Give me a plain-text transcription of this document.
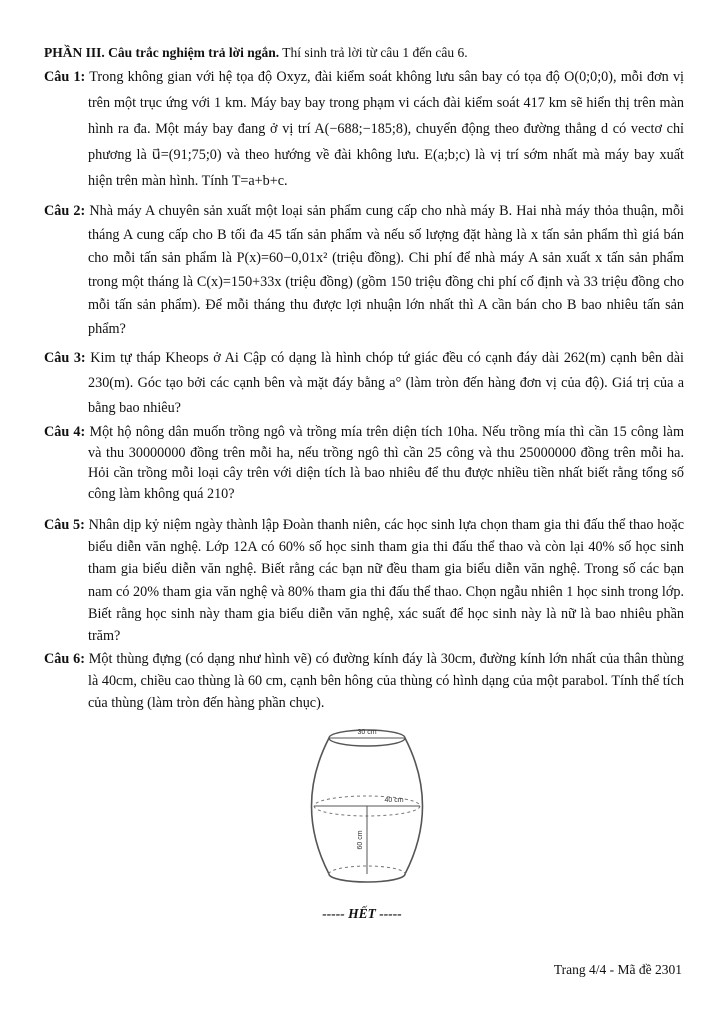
PHẦN III. Câu trắc nghiệm trả lời ngắn. Thí sinh trả lời từ câu 1 đến câu 6.
Câu 1: Trong không gian với hệ tọa độ Oxyz, đài kiểm soát không lưu sân bay có tọa độ O(0;0;0), mỗi đơn vị trên một trục ứng với 1 km. Máy bay bay trong phạm vi cách đài kiểm soát 417 km sẽ hiển thị trên màn hình ra đa. Một máy bay đang ở vị trí A(−688;−185;8), chuyển động theo đường thẳng d có vectơ chỉ phương là u⃗=(91;75;0) và theo hướng về đài không lưu. E(a;b;c) là vị trí sớm nhất mà máy bay xuất hiện trên màn hình. Tính T=a+b+c.
Câu 2: Nhà máy A chuyên sản xuất một loại sản phẩm cung cấp cho nhà máy B. Hai nhà máy thỏa thuận, mỗi tháng A cung cấp cho B tối đa 45 tấn sản phẩm và nếu số lượng đặt hàng là x tấn sản phẩm thì giá bán cho mỗi tấn sản phẩm là P(x)=60−0,01x² (triệu đồng). Chi phí để nhà máy A sản xuất x tấn sản phẩm trong một tháng là C(x)=150+33x (triệu đồng) (gồm 150 triệu đồng chi phí cố định và 33 triệu đồng cho mỗi tấn sản phẩm). Để mỗi tháng thu được lợi nhuận lớn nhất thì A cần bán cho B bao nhiêu tấn sản phẩm?
Câu 3: Kim tự tháp Kheops ở Ai Cập có dạng là hình chóp tứ giác đều có cạnh đáy dài 262(m) cạnh bên dài 230(m). Góc tạo bởi các cạnh bên và mặt đáy bằng a° (làm tròn đến hàng đơn vị của độ). Giá trị của a bằng bao nhiêu?
Câu 4: Một hộ nông dân muốn trồng ngô và trồng mía trên diện tích 10ha. Nếu trồng mía thì cần 15 công làm và thu 30000000 đồng trên mỗi ha, nếu trồng ngô thì cần 25 công và thu 25000000 đồng trên mỗi ha. Hỏi cần trồng mỗi loại cây trên với diện tích là bao nhiêu để thu được nhiều tiền nhất biết rằng tổng số công làm không quá 210?
Câu 5: Nhân dịp kỷ niệm ngày thành lập Đoàn thanh niên, các học sinh lựa chọn tham gia thi đấu thể thao hoặc biểu diễn văn nghệ. Lớp 12A có 60% số học sinh tham gia thi đấu thể thao và còn lại 40% số học sinh tham gia biểu diễn văn nghệ. Biết rằng các bạn nữ đều tham gia biểu diễn văn nghệ. Trong số các bạn nam có 20% tham gia văn nghệ và 80% tham gia thi đấu thể thao. Chọn ngẫu nhiên 1 học sinh trong lớp. Biết rằng học sinh này tham gia biểu diễn văn nghệ, xác suất để học sinh này là nữ là bao nhiêu phần trăm?
Câu 6: Một thùng đựng (có dạng như hình vẽ) có đường kính đáy là 30cm, đường kính lớn nhất của thân thùng là 40cm, chiều cao thùng là 60 cm, cạnh bên hông của thùng có hình dạng của một parabol. Tính thể tích của thùng (làm tròn đến hàng phần chục).
30 cm
40 cm
60 cm
----- HẾT -----
Trang 4/4 - Mã đề 2301
